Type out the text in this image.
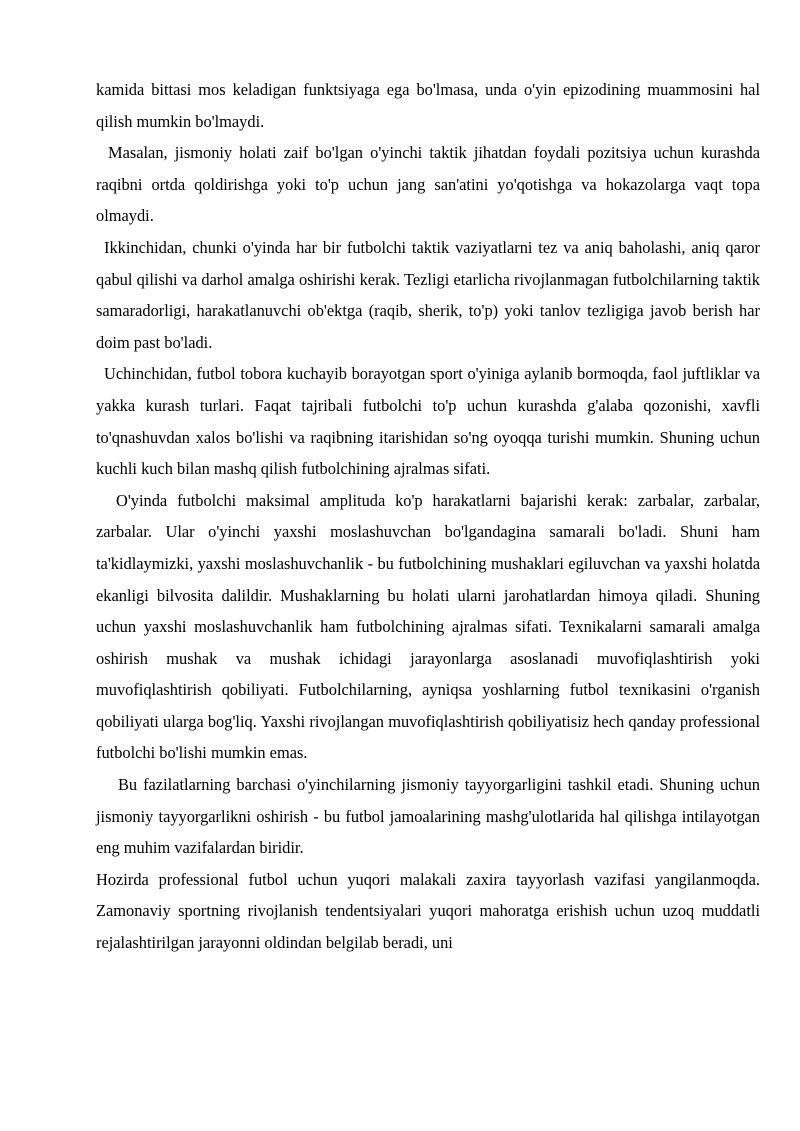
kamida bittasi mos keladigan funktsiyaga ega bo'lmasa, unda o'yin epizodining muammosini hal qilish mumkin bo'lmaydi.

Masalan, jismoniy holati zaif bo'lgan o'yinchi taktik jihatdan foydali pozitsiya uchun kurashda raqibni ortda qoldirishga yoki to'p uchun jang san'atini yo'qotishga va hokazolarga vaqt topa olmaydi.

Ikkinchidan, chunki o'yinda har bir futbolchi taktik vaziyatlarni tez va aniq baholashi, aniq qaror qabul qilishi va darhol amalga oshirishi kerak. Tezligi etarlicha rivojlanmagan futbolchilarning taktik samaradorligi, harakatlanuvchi ob'ektga (raqib, sherik, to'p) yoki tanlov tezligiga javob berish har doim past bo'ladi.

Uchinchidan, futbol tobora kuchayib borayotgan sport o'yiniga aylanib bormoqda, faol juftliklar va yakka kurash turlari. Faqat tajribali futbolchi to'p uchun kurashda g'alaba qozonishi, xavfli to'qnashuvdan xalos bo'lishi va raqibning itarishidan so'ng oyoqqa turishi mumkin. Shuning uchun kuchli kuch bilan mashq qilish futbolchining ajralmas sifati.

O'yinda futbolchi maksimal amplituda ko'p harakatlarni bajarishi kerak: zarbalar, zarbalar, zarbalar. Ular o'yinchi yaxshi moslashuvchan bo'lgandagina samarali bo'ladi. Shuni ham ta'kidlaymizki, yaxshi moslashuvchanlik - bu futbolchining mushaklari egiluvchan va yaxshi holatda ekanligi bilvosita dalildir. Mushaklarning bu holati ularni jarohatlardan himoya qiladi. Shuning uchun yaxshi moslashuvchanlik ham futbolchining ajralmas sifati. Texnikalarni samarali amalga oshirish mushak va mushak ichidagi jarayonlarga asoslanadi muvofiqlashtirish yoki muvofiqlashtirish qobiliyati. Futbolchilarning, ayniqsa yoshlarning futbol texnikasini o'rganish qobiliyati ularga bog'liq. Yaxshi rivojlangan muvofiqlashtirish qobiliyatisiz hech qanday professional futbolchi bo'lishi mumkin emas.

Bu fazilatlarning barchasi o'yinchilarning jismoniy tayyorgarligini tashkil etadi. Shuning uchun jismoniy tayyorgarlikni oshirish - bu futbol jamoalarining mashg'ulotlarida hal qilishga intilayotgan eng muhim vazifalardan biridir.

Hozirda professional futbol uchun yuqori malakali zaxira tayyorlash vazifasi yangilanmoqda. Zamonaviy sportning rivojlanish tendentsiyalari yuqori mahoratga erishish uchun uzoq muddatli rejalashtirilgan jarayonni oldindan belgilab beradi, uni
